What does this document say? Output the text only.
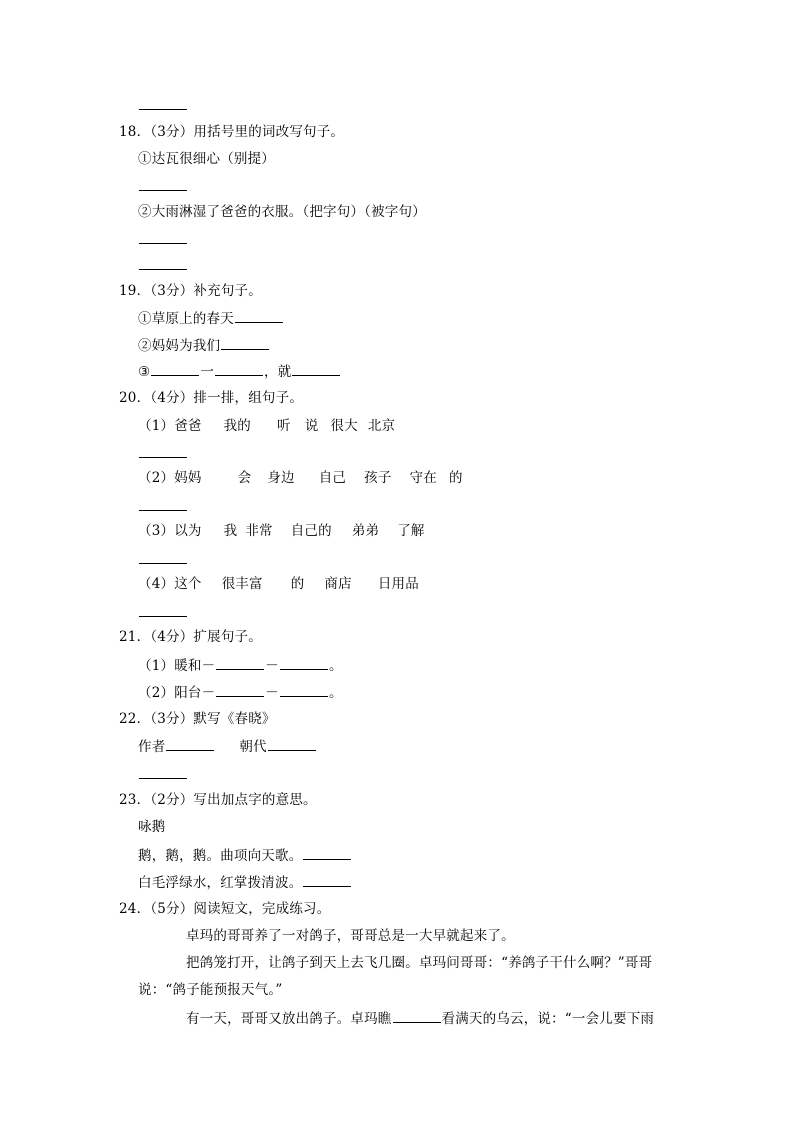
18．（3分）用括号里的词改写句子。
①达瓦很细心（别提）
②大雨淋湿了爸爸的衣服。（把字句）（被字句）
19．（3分）补充句子。
①草原上的春天
②妈妈为我们
③	一	，就
20．（4分）排一排，组句子。
（1）爸爸 我的 听 说 很大 北京
（2）妈妈	会 身边 自己 孩子 守在 的
（3）以为 我 非常 自己的 弟弟 了解
（4）这个 很丰富 的 商店 日用品
21．（4分）扩展句子。
（1）暖和－	－	。
（2）阳台－	－	。
22．（3分）默写《春晓》
作者	朝代
23．（2分）写出加点字的意思。
咏鹅
鹅，鹅，鹅。曲项向天歌。
白毛浮绿水，红掌拨清波。
24．（5分）阅读短文，完成练习。
卓玛的哥哥养了一对鸽子，哥哥总是一大早就起来了。
把鸽笼打开，让鸽子到天上去飞几圈。卓玛问哥哥：“养鸽子干什么啊？”哥哥
说：“鸽子能预报天气。”
有一天，哥哥又放出鸽子。卓玛瞧	看满天的乌云，说：“一会儿要下雨
